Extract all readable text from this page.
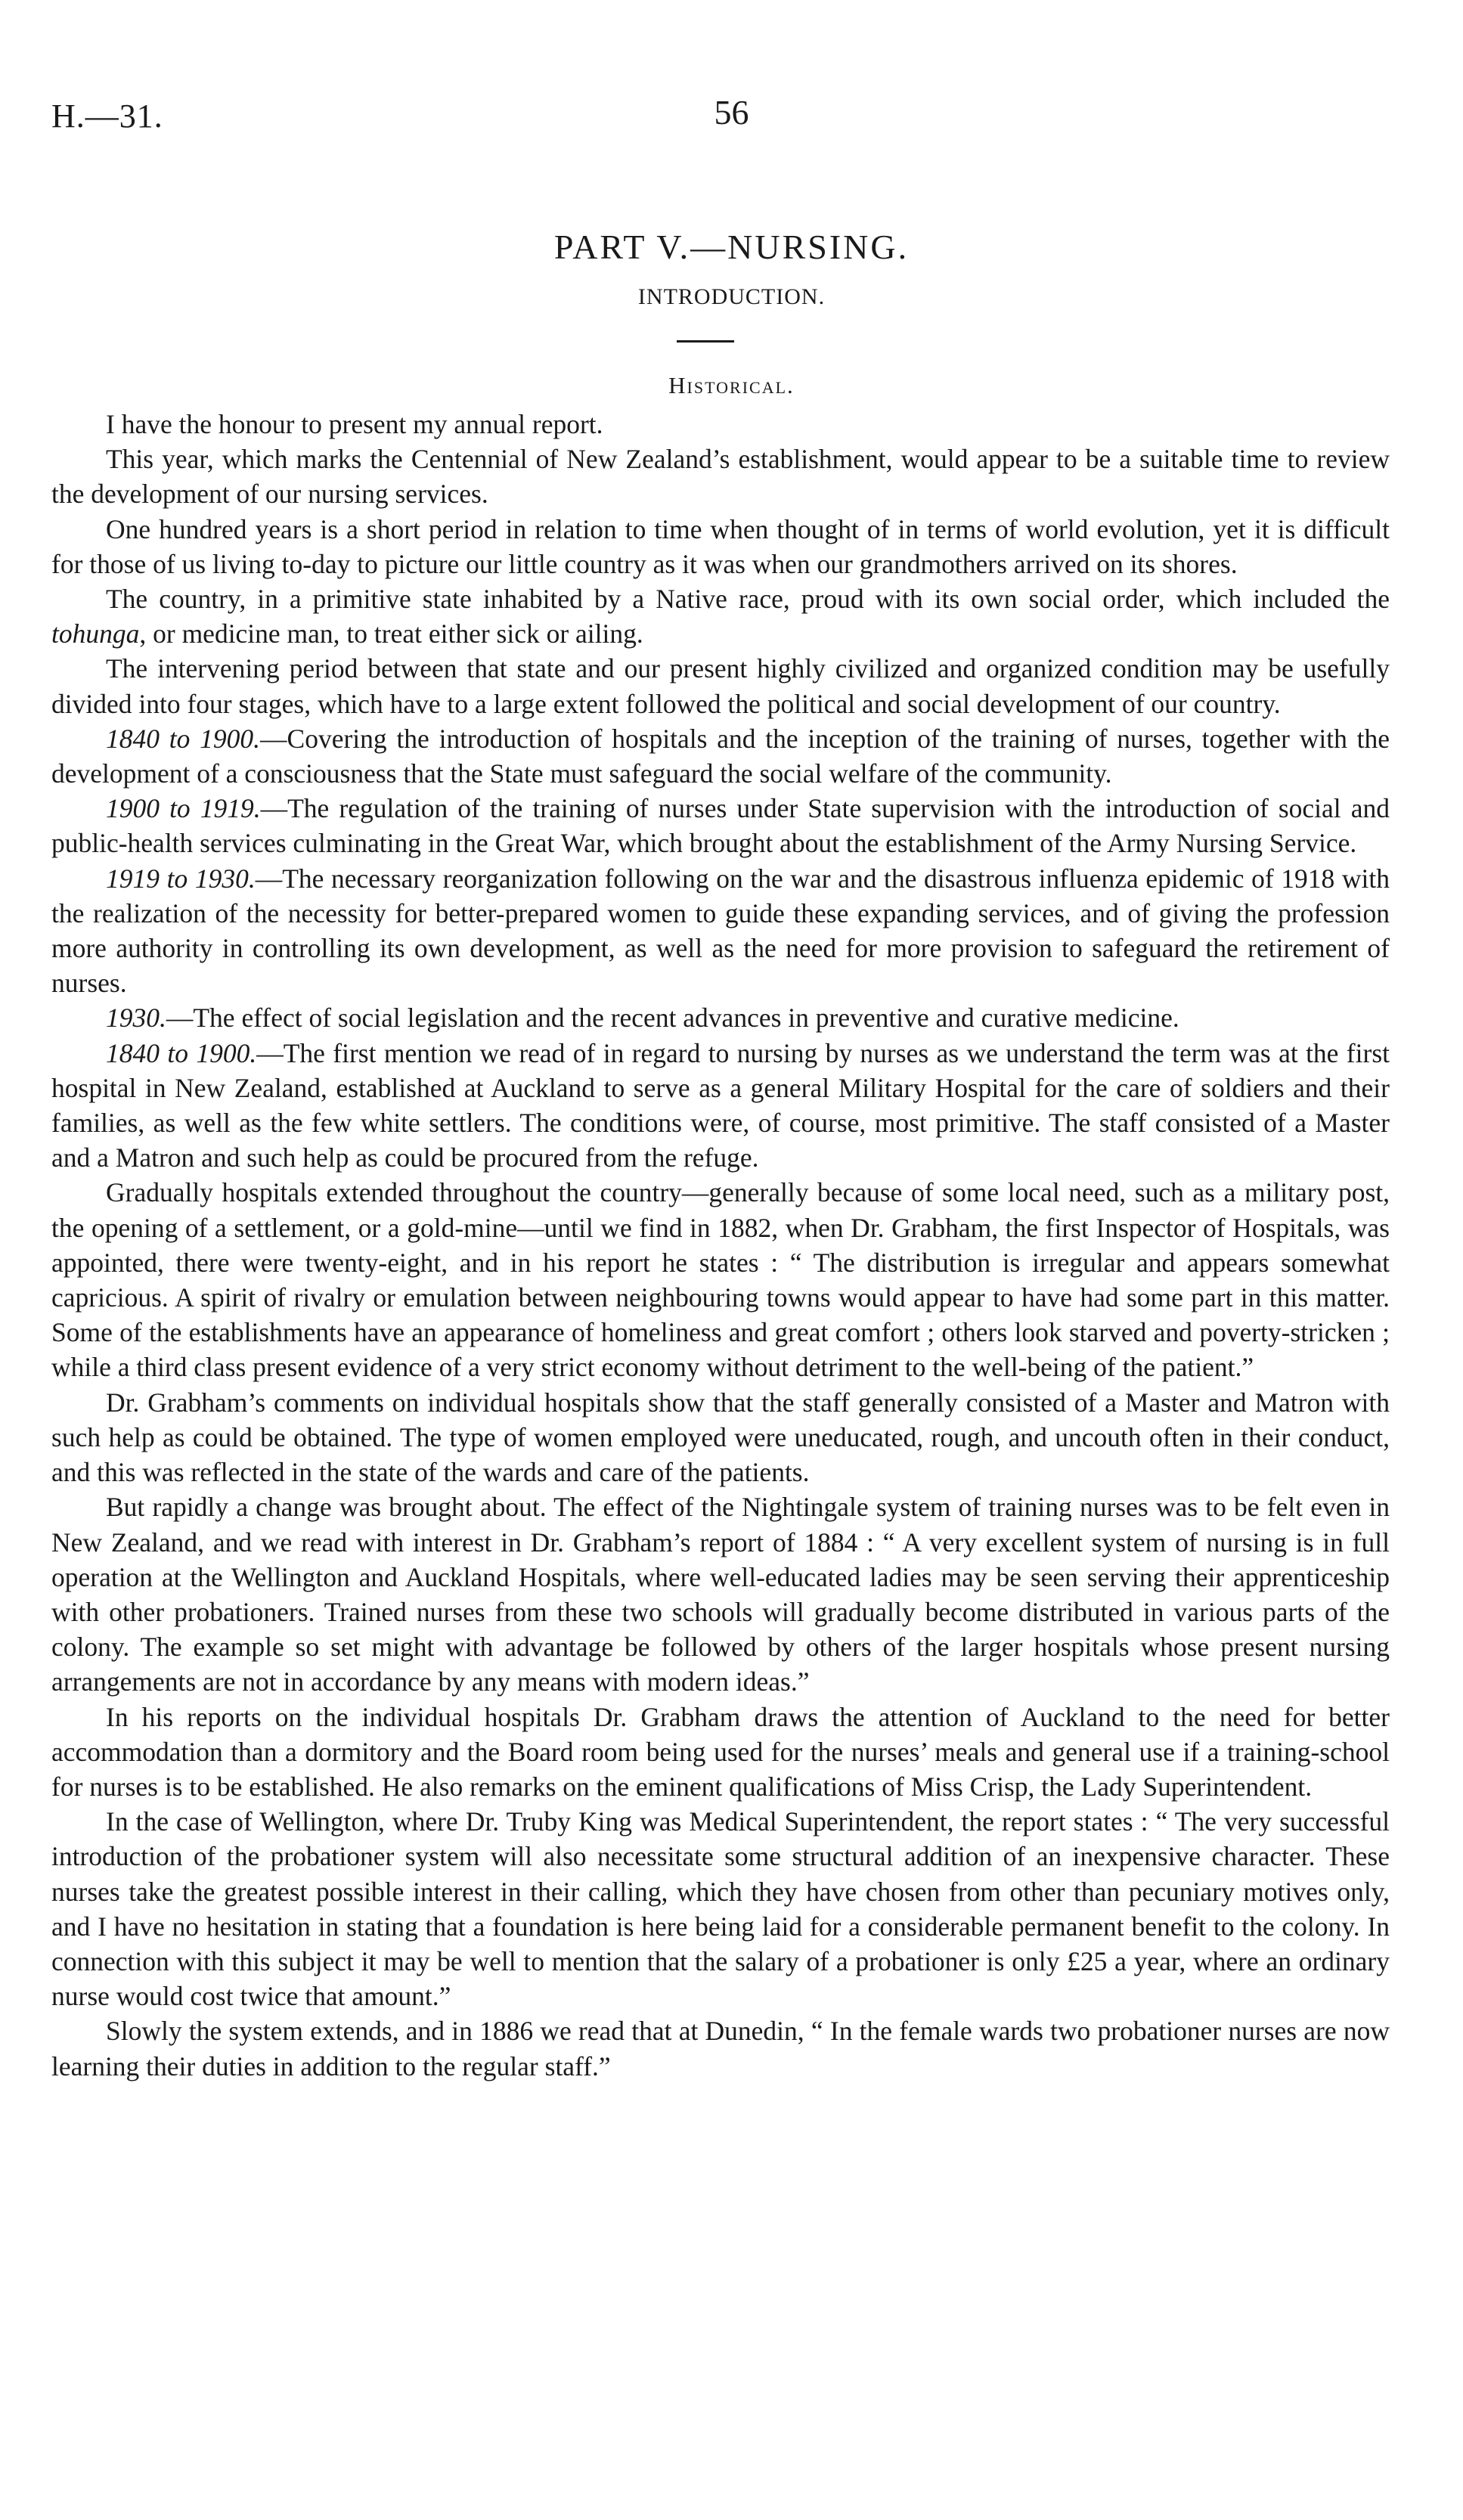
H.—31.	56
PART V.—NURSING.
INTRODUCTION.
Historical.

I have the honour to present my annual report.

This year, which marks the Centennial of New Zealand’s establishment, would appear to be a suitable time to review the development of our nursing services.

One hundred years is a short period in relation to time when thought of in terms of world evolution, yet it is difficult for those of us living to-day to picture our little country as it was when our grandmothers arrived on its shores.

The country, in a primitive state inhabited by a Native race, proud with its own social order, which included the tohunga, or medicine man, to treat either sick or ailing.

The intervening period between that state and our present highly civilized and organized condition may be usefully divided into four stages, which have to a large extent followed the political and social development of our country.

1840 to 1900.—Covering the introduction of hospitals and the inception of the training of nurses, together with the development of a consciousness that the State must safeguard the social welfare of the community.

1900 to 1919.—The regulation of the training of nurses under State supervision with the introduction of social and public-health services culminating in the Great War, which brought about the establishment of the Army Nursing Service.

1919 to 1930.—The necessary reorganization following on the war and the disastrous influenza epidemic of 1918 with the realization of the necessity for better-prepared women to guide these expanding services, and of giving the profession more authority in controlling its own development, as well as the need for more provision to safeguard the retirement of nurses.

1930.—The effect of social legislation and the recent advances in preventive and curative medicine.

1840 to 1900.—The first mention we read of in regard to nursing by nurses as we understand the term was at the first hospital in New Zealand, established at Auckland to serve as a general Military Hospital for the care of soldiers and their families, as well as the few white settlers. The conditions were, of course, most primitive. The staff consisted of a Master and a Matron and such help as could be procured from the refuge.

Gradually hospitals extended throughout the country—generally because of some local need, such as a military post, the opening of a settlement, or a gold-mine—until we find in 1882, when Dr. Grabham, the first Inspector of Hospitals, was appointed, there were twenty-eight, and in his report he states : “ The distribution is irregular and appears somewhat capricious. A spirit of rivalry or emulation between neighbouring towns would appear to have had some part in this matter. Some of the establishments have an appearance of homeliness and great comfort ; others look starved and poverty-stricken ; while a third class present evidence of a very strict economy without detriment to the well-being of the patient.”

Dr. Grabham’s comments on individual hospitals show that the staff generally consisted of a Master and Matron with such help as could be obtained. The type of women employed were uneducated, rough, and uncouth often in their conduct, and this was reflected in the state of the wards and care of the patients.

But rapidly a change was brought about. The effect of the Nightingale system of training nurses was to be felt even in New Zealand, and we read with interest in Dr. Grabham’s report of 1884 : “ A very excellent system of nursing is in full operation at the Wellington and Auckland Hospitals, where well-educated ladies may be seen serving their apprenticeship with other probationers. Trained nurses from these two schools will gradually become distributed in various parts of the colony. The example so set might with advantage be followed by others of the larger hospitals whose present nursing arrangements are not in accordance by any means with modern ideas.”

In his reports on the individual hospitals Dr. Grabham draws the attention of Auckland to the need for better accommodation than a dormitory and the Board room being used for the nurses’ meals and general use if a training-school for nurses is to be established. He also remarks on the eminent qualifications of Miss Crisp, the Lady Superintendent.

In the case of Wellington, where Dr. Truby King was Medical Superintendent, the report states : “ The very successful introduction of the probationer system will also necessitate some structural addition of an inexpensive character. These nurses take the greatest possible interest in their calling, which they have chosen from other than pecuniary motives only, and I have no hesitation in stating that a foundation is here being laid for a considerable permanent benefit to the colony. In connection with this subject it may be well to mention that the salary of a probationer is only £25 a year, where an ordinary nurse would cost twice that amount.”

Slowly the system extends, and in 1886 we read that at Dunedin, “ In the female wards two probationer nurses are now learning their duties in addition to the regular staff.”
